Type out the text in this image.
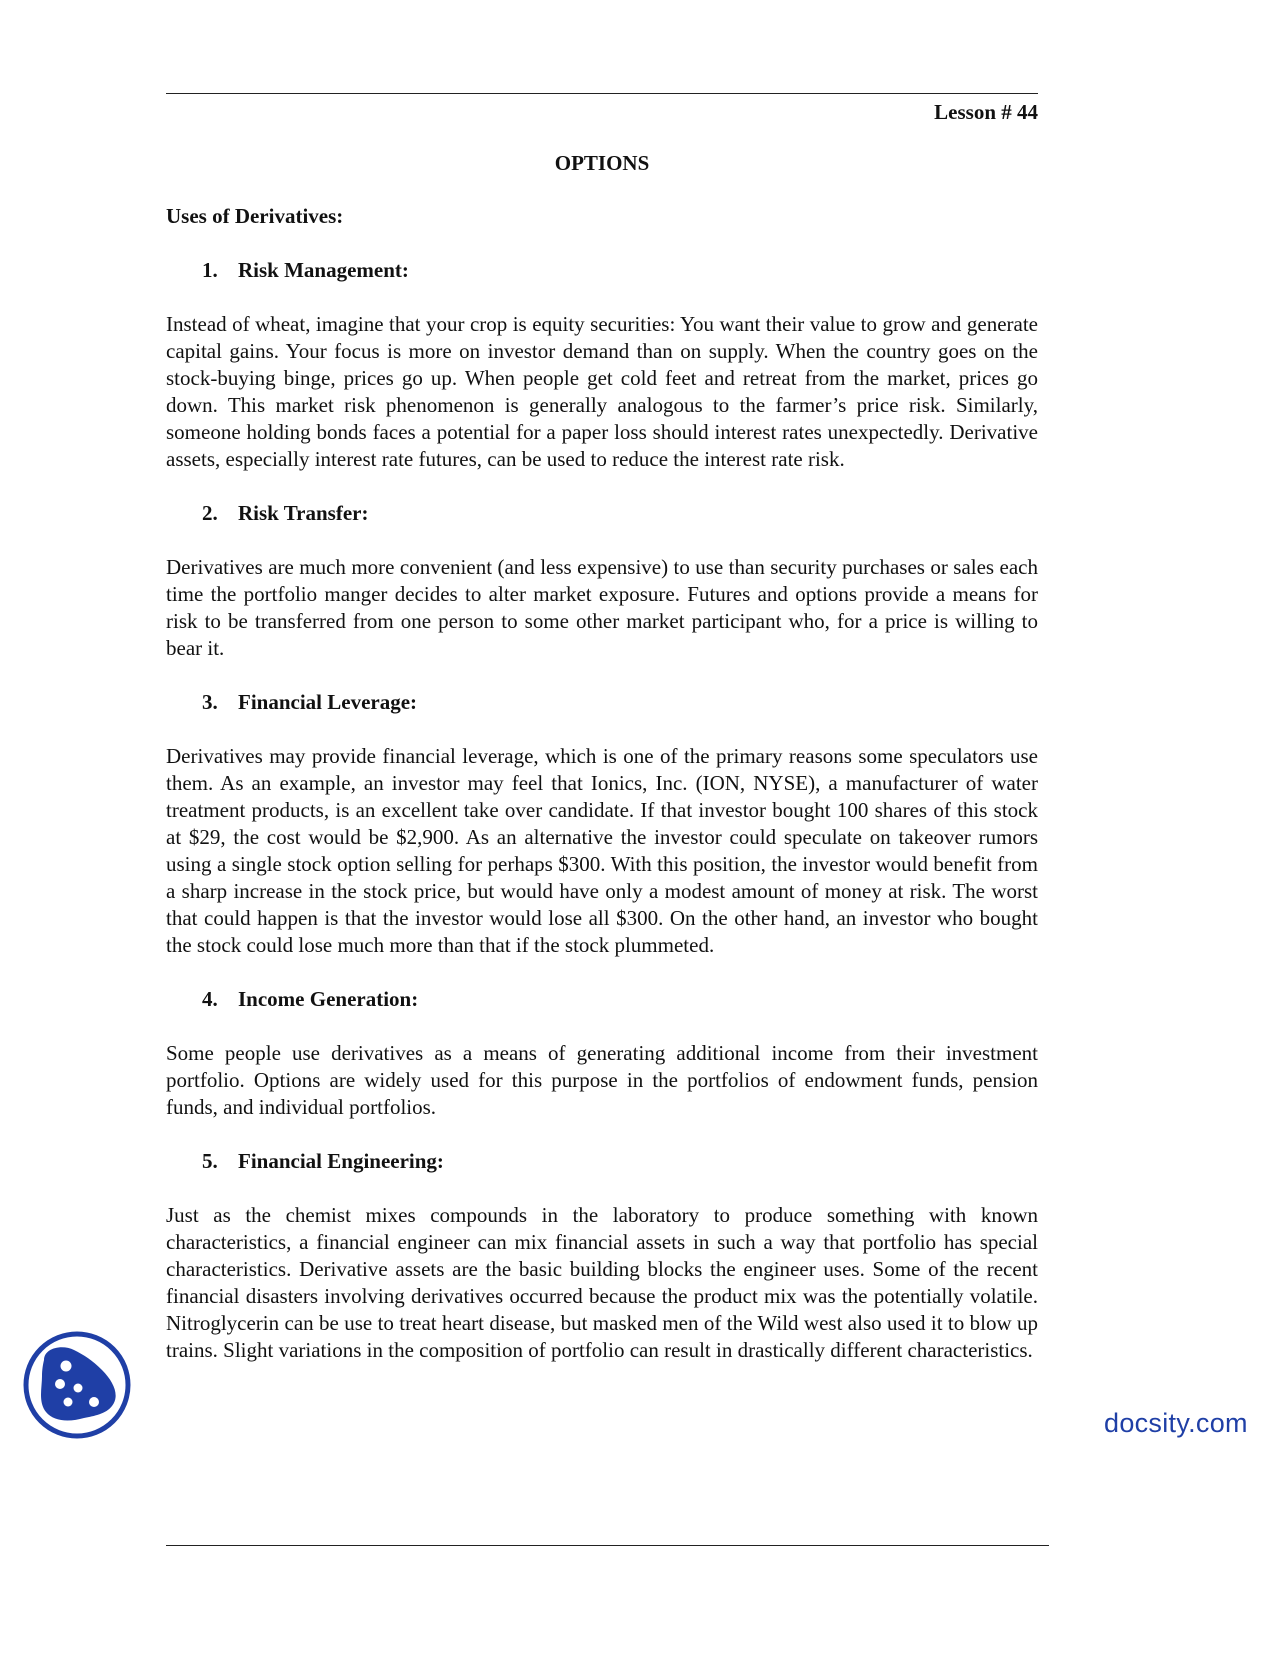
Lesson # 44
OPTIONS
Uses of Derivatives:
1. Risk Management:
Instead of wheat, imagine that your crop is equity securities: You want their value to grow and generate capital gains. Your focus is more on investor demand than on supply. When the country goes on the stock-buying binge, prices go up. When people get cold feet and retreat from the market, prices go down. This market risk phenomenon is generally analogous to the farmer’s price risk. Similarly, someone holding bonds faces a potential for a paper loss should interest rates unexpectedly. Derivative assets, especially interest rate futures, can be used to reduce the interest rate risk.
2. Risk Transfer:
Derivatives are much more convenient (and less expensive) to use than security purchases or sales each time the portfolio manger decides to alter market exposure. Futures and options provide a means for risk to be transferred from one person to some other market participant who, for a price is willing to bear it.
3. Financial Leverage:
Derivatives may provide financial leverage, which is one of the primary reasons some speculators use them. As an example, an investor may feel that Ionics, Inc. (ION, NYSE), a manufacturer of water treatment products, is an excellent take over candidate. If that investor bought 100 shares of this stock at $29, the cost would be $2,900. As an alternative the investor could speculate on takeover rumors using a single stock option selling for perhaps $300. With this position, the investor would benefit from a sharp increase in the stock price, but would have only a modest amount of money at risk. The worst that could happen is that the investor would lose all $300. On the other hand, an investor who bought the stock could lose much more than that if the stock plummeted.
4. Income Generation:
Some people use derivatives as a means of generating additional income from their investment portfolio. Options are widely used for this purpose in the portfolios of endowment funds, pension funds, and individual portfolios.
5. Financial Engineering:
Just as the chemist mixes compounds in the laboratory to produce something with known characteristics, a financial engineer can mix financial assets in such a way that portfolio has special characteristics. Derivative assets are the basic building blocks the engineer uses. Some of the recent financial disasters involving derivatives occurred because the product mix was the potentially volatile. Nitroglycerin can be use to treat heart disease, but masked men of the Wild west also used it to blow up trains. Slight variations in the composition of portfolio can result in drastically different characteristics.
docsity.com
